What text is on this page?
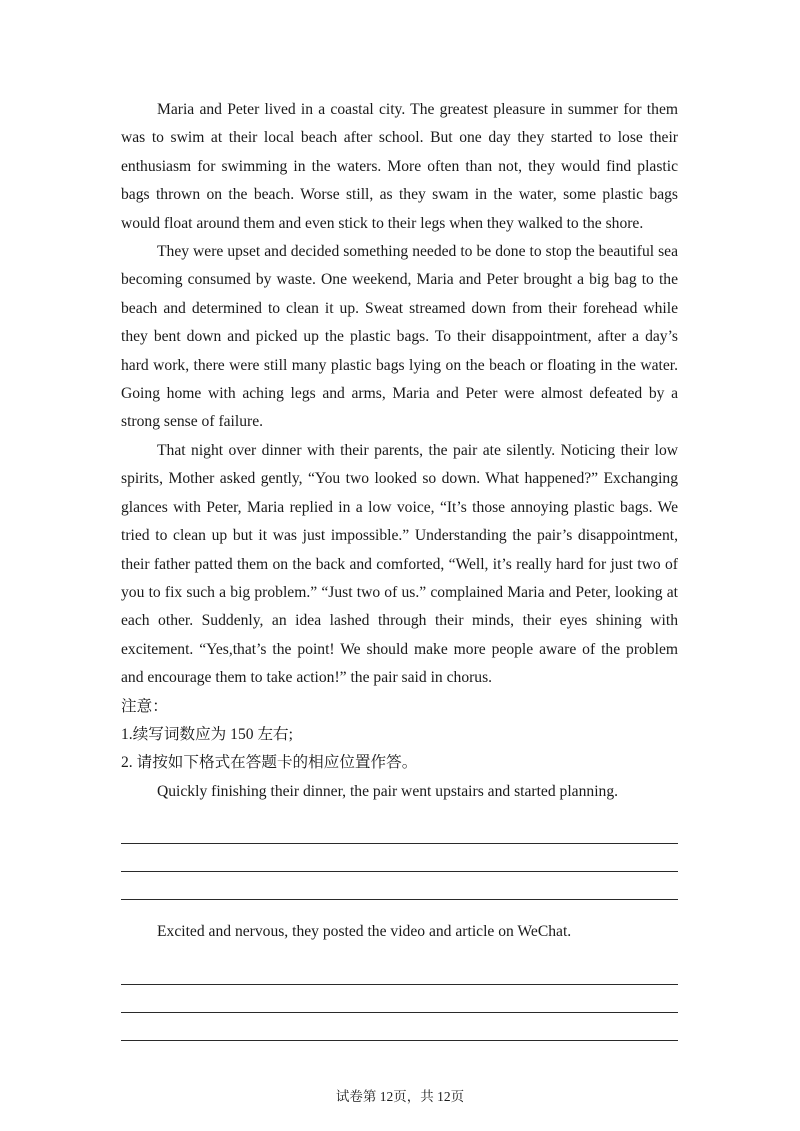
Maria and Peter lived in a coastal city. The greatest pleasure in summer for them was to swim at their local beach after school. But one day they started to lose their enthusiasm for swimming in the waters. More often than not, they would find plastic bags thrown on the beach. Worse still, as they swam in the water, some plastic bags would float around them and even stick to their legs when they walked to the shore.

They were upset and decided something needed to be done to stop the beautiful sea becoming consumed by waste. One weekend, Maria and Peter brought a big bag to the beach and determined to clean it up. Sweat streamed down from their forehead while they bent down and picked up the plastic bags. To their disappointment, after a day’s hard work, there were still many plastic bags lying on the beach or floating in the water. Going home with aching legs and arms, Maria and Peter were almost defeated by a strong sense of failure.

That night over dinner with their parents, the pair ate silently. Noticing their low spirits, Mother asked gently, “You two looked so down. What happened?” Exchanging glances with Peter, Maria replied in a low voice, “It’s those annoying plastic bags. We tried to clean up but it was just impossible.” Understanding the pair’s disappointment, their father patted them on the back and comforted, “Well, it’s really hard for just two of you to fix such a big problem.” “Just two of us.” complained Maria and Peter, looking at each other. Suddenly, an idea lashed through their minds, their eyes shining with excitement. “Yes,that’s the point! We should make more people aware of the problem and encourage them to take action!” the pair said in chorus.

注意：

1.续写词数应为 150 左右;

2. 请按如下格式在答题卡的相应位置作答。

Quickly finishing their dinner, the pair went upstairs and started planning.

Excited and nervous, they posted the video and article on WeChat.

试卷第 12页，共 12页
